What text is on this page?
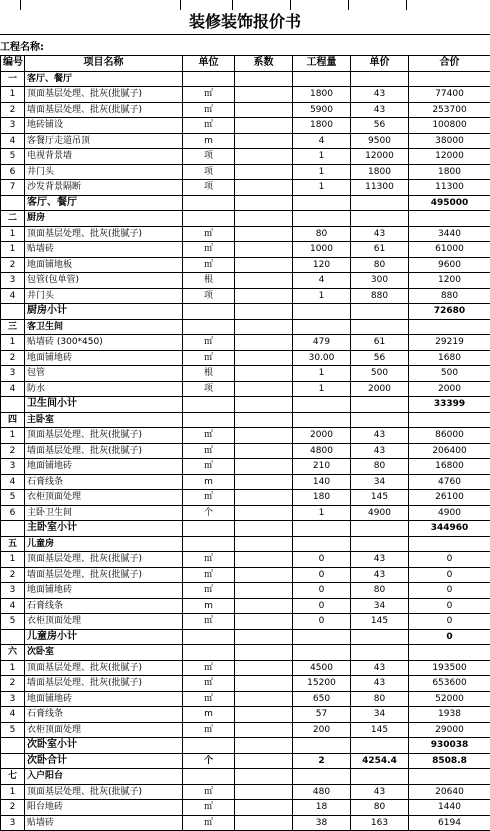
装修装饰报价书
工程名称:
编号	项目名称	单位	系数	工程量	单价	合价
一	客厅、餐厅					
1	顶面基层处理、批灰(批腻子)	㎡		1800	43	77400
2	墙面基层处理、批灰(批腻子)	㎡		5900	43	253700
3	地砖铺设	㎡		1800	56	100800
4	客餐厅走道吊顶	m		4	9500	38000
5	电视背景墙	项		1	12000	12000
6	井门头	项		1	1800	1800
7	沙发背景隔断	项		1	11300	11300
	客厅、餐厅					495000
二	厨房					
1	顶面基层处理、批灰(批腻子)	㎡		80	43	3440
1	贴墙砖	㎡		1000	61	61000
2	地面铺地板	㎡		120	80	9600
3	包管(包单管)	根		4	300	1200
4	井门头	项		1	880	880
	厨房小计					72680
三	客卫生间					
1	贴墙砖 (300*450)	㎡		479	61	29219
2	地面铺地砖	㎡		30.00	56	1680
3	包管	根		1	500	500
4	防水	项		1	2000	2000
	卫生间小计					33399
四	主卧室					
1	顶面基层处理、批灰(批腻子)	㎡		2000	43	86000
2	墙面基层处理、批灰(批腻子)	㎡		4800	43	206400
3	地面铺地砖	㎡		210	80	16800
4	石膏线条	m		140	34	4760
5	衣柜顶面处理	㎡		180	145	26100
6	主卧卫生间	个		1	4900	4900
	主卧室小计					344960
五	儿童房					
1	顶面基层处理、批灰(批腻子)	㎡		0	43	0
2	墙面基层处理、批灰(批腻子)	㎡		0	43	0
3	地面铺地砖	㎡		0	80	0
4	石膏线条	m		0	34	0
5	衣柜顶面处理	㎡		0	145	0
	儿童房小计					0
六	次卧室					
1	顶面基层处理、批灰(批腻子)	㎡		4500	43	193500
2	墙面基层处理、批灰(批腻子)	㎡		15200	43	653600
3	地面铺地砖	㎡		650	80	52000
4	石膏线条	m		57	34	1938
5	衣柜顶面处理	㎡		200	145	29000
	次卧室小计					930038
	次卧合计	个		2	4254.4	8508.8
七	入户阳台					
1	顶面基层处理、批灰(批腻子)	㎡		480	43	20640
2	阳台地砖	㎡		18	80	1440
3	贴墙砖	㎡		38	163	6194
